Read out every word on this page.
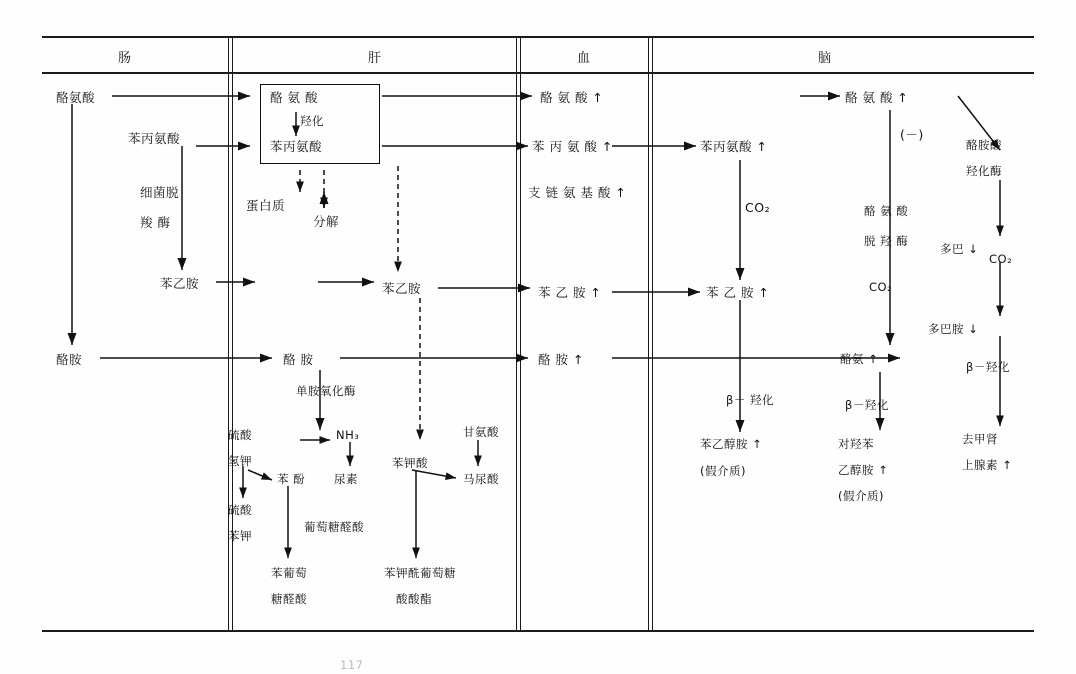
肠	肝	血	脑
酪氨酸
苯丙氨酸
细菌脱
羧 酶
苯乙胺
酪胺
酪 氨 酸
羟化
苯丙氨酸
蛋白质
分解
苯乙胺
酪 胺
单胺氧化酶
硫酸
氢钾
NH₃
苯 酚	尿素
苯钾酸
甘氨酸
马尿酸
硫酸
苯钾
葡萄糖醛酸
苯葡萄
糖醛酸
苯钾酰葡萄糖
酸酸酯
酪 氨 酸 ↑
苯 丙 氨 酸 ↑
支 链 氨 基 酸 ↑
苯 乙 胺 ↑
酪 胺 ↑
苯丙氨酸 ↑
CO₂
苯 乙 胺 ↑
β－ 羟化
苯乙醇胺 ↑
(假介质)
酪 氨 酸 ↑
(－)
酪 氨 酸
脱 羟 酶
CO₂
酪氨 ↑
β－羟化
对羟苯
乙醇胺 ↑
(假介质)
酪胺酸
羟化酶
多巴 ↓
CO₂
多巴胺 ↓
β－羟化
去甲肾
上腺素 ↑
117
